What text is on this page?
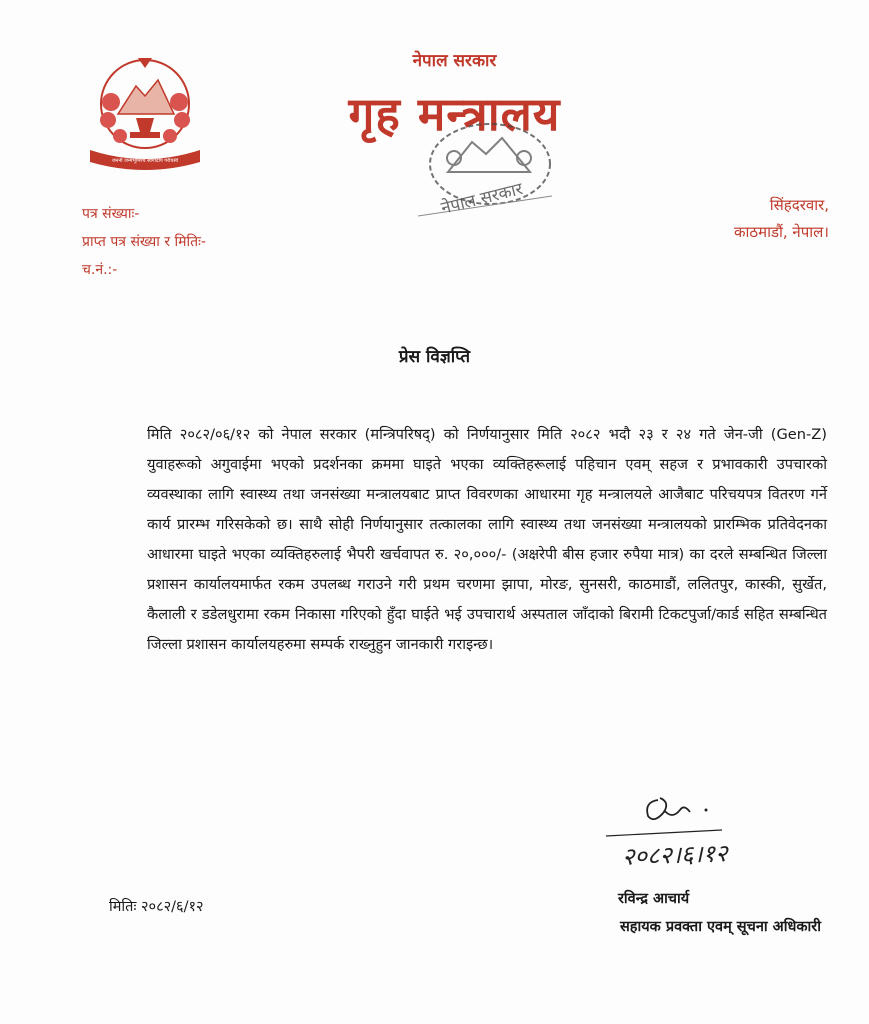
जननी जन्मभूमिश्च स्वर्गादपि गरीयसी
नेपाल सरकार
गृह मन्त्रालय
नेपाल सरकार
पत्र संख्याः-
प्राप्त पत्र संख्या र मितिः-
च.नं.:-
सिंहदरवार,
काठमाडौं, नेपाल।
प्रेस विज्ञप्ति
मिति २०८२/०६/१२ को नेपाल सरकार (मन्त्रिपरिषद्) को निर्णयानुसार मिति २०८२ भदौ २३ र २४ गते जेन-जी (Gen-Z) युवाहरूको अगुवाईमा भएको प्रदर्शनका क्रममा घाइते भएका व्यक्तिहरूलाई पहिचान एवम् सहज र प्रभावकारी उपचारको व्यवस्थाका लागि स्वास्थ्य तथा जनसंख्या मन्त्रालयबाट प्राप्त विवरणका आधारमा गृह मन्त्रालयले आजैबाट परिचयपत्र वितरण गर्ने कार्य प्रारम्भ गरिसकेको छ। साथै सोही निर्णयानुसार तत्कालका लागि स्वास्थ्य तथा जनसंख्या मन्त्रालयको प्रारम्भिक प्रतिवेदनका आधारमा घाइते भएका व्यक्तिहरुलाई भैपरी खर्चवापत रु. २०,०००/- (अक्षरेपी बीस हजार रुपैया मात्र) का दरले सम्बन्धित जिल्ला प्रशासन कार्यालयमार्फत रकम उपलब्ध गराउने गरी प्रथम चरणमा झापा, मोरङ, सुनसरी, काठमाडौं, ललितपुर, कास्की, सुर्खेत, कैलाली र डडेलधुरामा रकम निकासा गरिएको हुँदा घाईते भई उपचारार्थ अस्पताल जाँदाको बिरामी टिकटपुर्जा/कार्ड सहित सम्बन्धित जिल्ला प्रशासन कार्यालयहरुमा सम्पर्क राख्नुहुन जानकारी गराइन्छ।
२०८२।६।१२
रविन्द्र आचार्य
सहायक प्रवक्ता एवम् सूचना अधिकारी
मितिः २०८२/६/१२
